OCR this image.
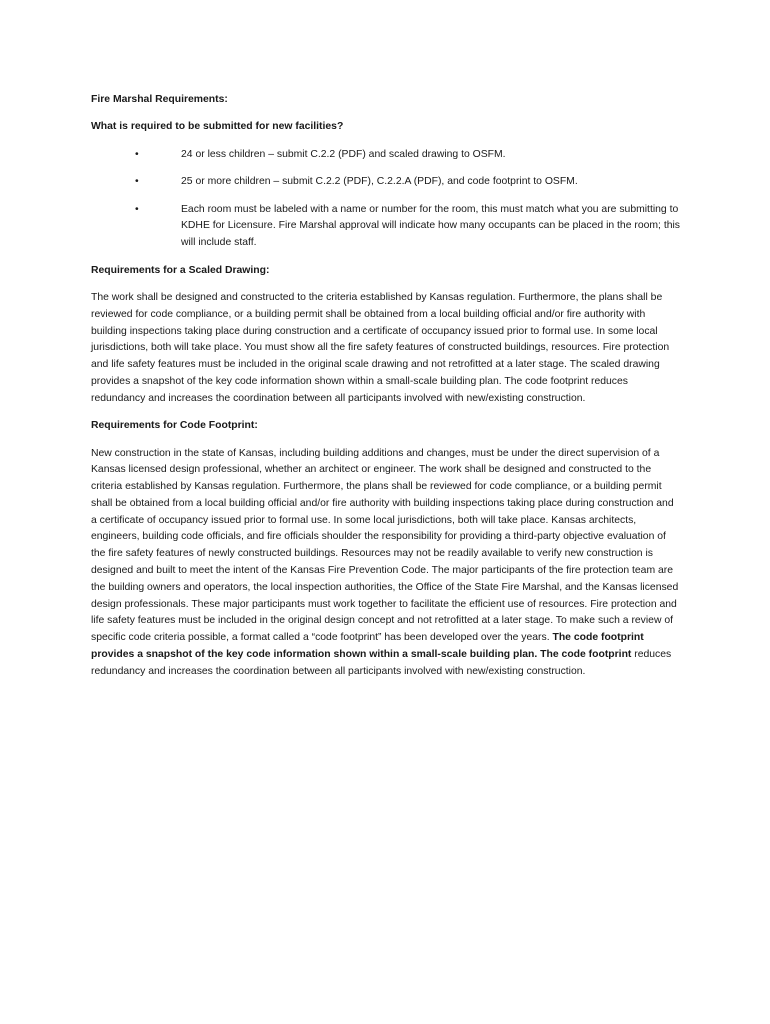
Fire Marshal Requirements:

What is required to be submitted for new facilities?

•	24 or less children – submit C.2.2 (PDF) and scaled drawing to OSFM.
•	25 or more children – submit C.2.2 (PDF), C.2.2.A (PDF), and code footprint to OSFM.
•	Each room must be labeled with a name or number for the room, this must match what you are submitting to KDHE for Licensure. Fire Marshal approval will indicate how many occupants can be placed in the room; this will include staff.

Requirements for a Scaled Drawing:

The work shall be designed and constructed to the criteria established by Kansas regulation. Furthermore, the plans shall be reviewed for code compliance, or a building permit shall be obtained from a local building official and/or fire authority with building inspections taking place during construction and a certificate of occupancy issued prior to formal use. In some local jurisdictions, both will take place. You must show all the fire safety features of constructed buildings, resources. Fire protection and life safety features must be included in the original scale drawing and not retrofitted at a later stage. The scaled drawing provides a snapshot of the key code information shown within a small-scale building plan. The code footprint reduces redundancy and increases the coordination between all participants involved with new/existing construction.

Requirements for Code Footprint:

New construction in the state of Kansas, including building additions and changes, must be under the direct supervision of a Kansas licensed design professional, whether an architect or engineer. The work shall be designed and constructed to the criteria established by Kansas regulation. Furthermore, the plans shall be reviewed for code compliance, or a building permit shall be obtained from a local building official and/or fire authority with building inspections taking place during construction and a certificate of occupancy issued prior to formal use. In some local jurisdictions, both will take place. Kansas architects, engineers, building code officials, and fire officials shoulder the responsibility for providing a third-party objective evaluation of the fire safety features of newly constructed buildings. Resources may not be readily available to verify new construction is designed and built to meet the intent of the Kansas Fire Prevention Code. The major participants of the fire protection team are the building owners and operators, the local inspection authorities, the Office of the State Fire Marshal, and the Kansas licensed design professionals. These major participants must work together to facilitate the efficient use of resources. Fire protection and life safety features must be included in the original design concept and not retrofitted at a later stage. To make such a review of specific code criteria possible, a format called a “code footprint” has been developed over the years. The code footprint provides a snapshot of the key code information shown within a small-scale building plan. The code footprint reduces redundancy and increases the coordination between all participants involved with new/existing construction.
